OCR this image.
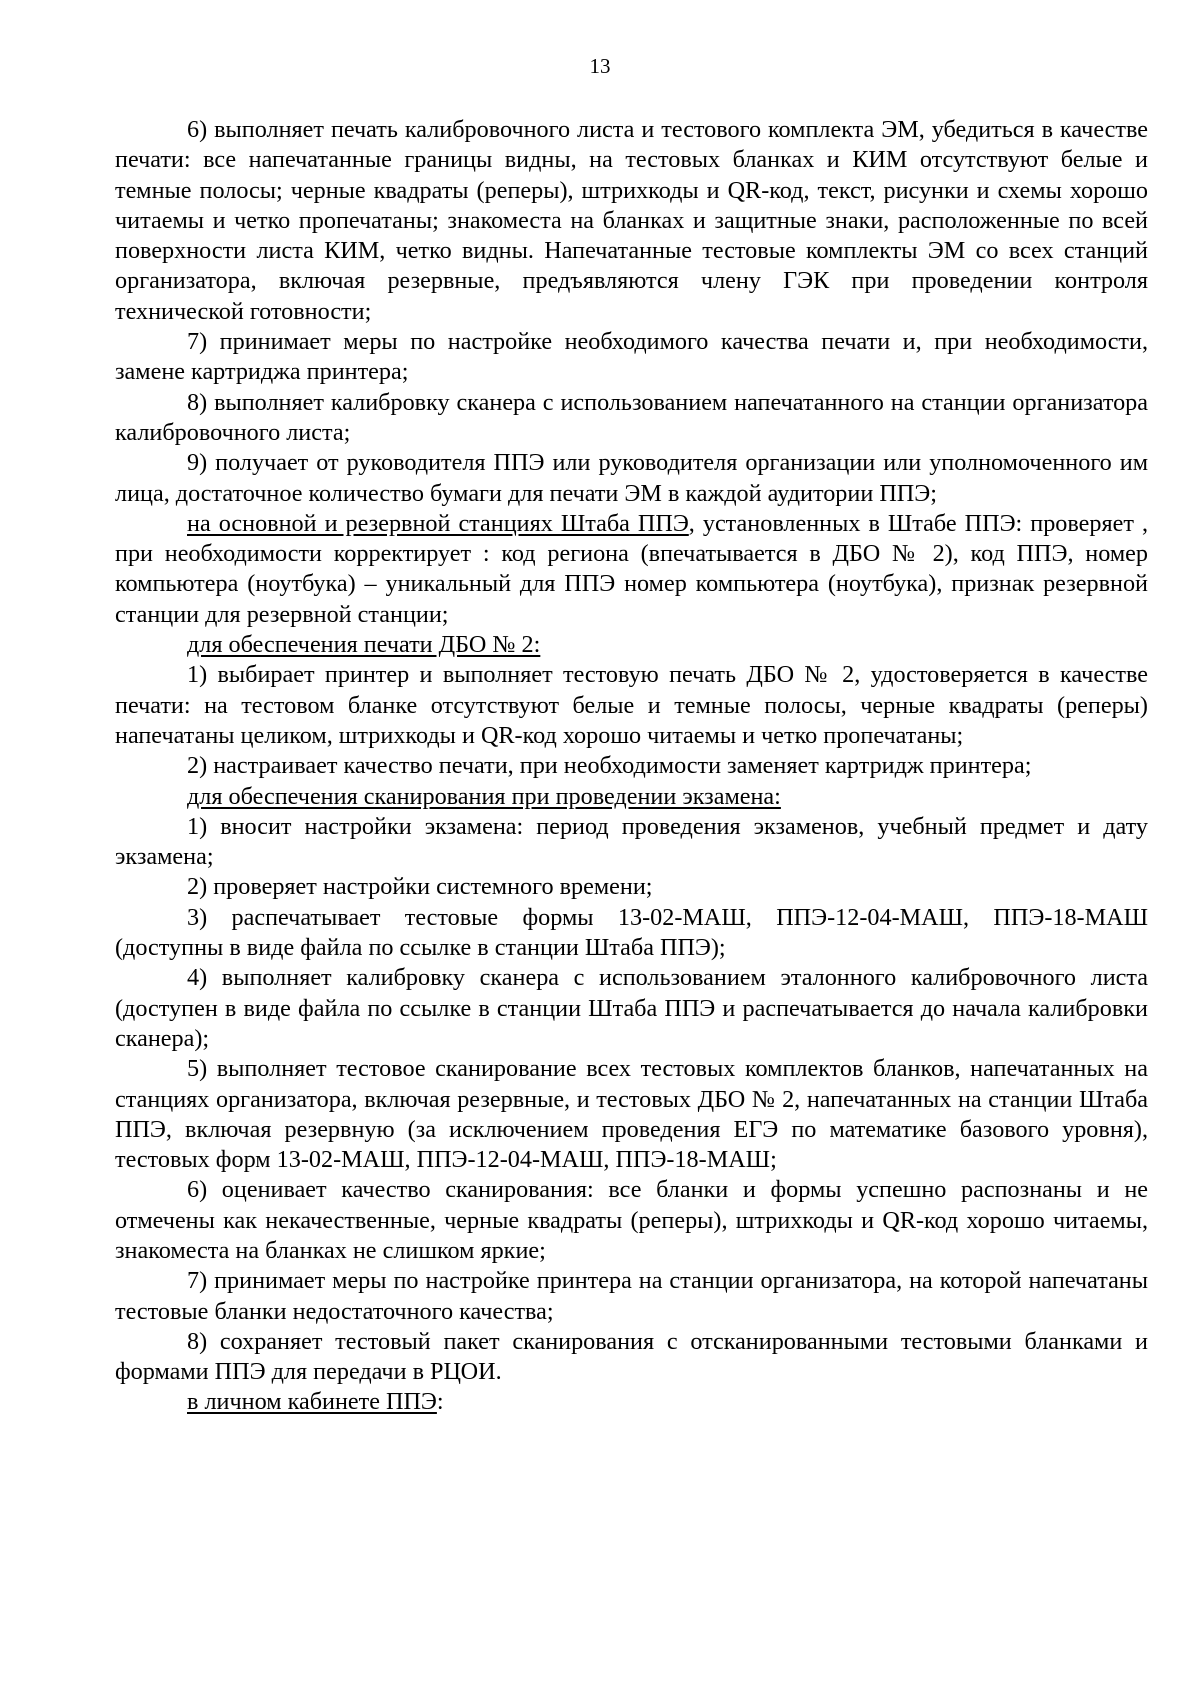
13

6) выполняет печать калибровочного листа и тестового комплекта ЭМ, убедиться в качестве печати: все напечатанные границы видны, на тестовых бланках и КИМ отсутствуют белые и темные полосы; черные квадраты (реперы), штрихкоды и QR-код, текст, рисунки и схемы хорошо читаемы и четко пропечатаны; знакоместа на бланках и защитные знаки, расположенные по всей поверхности листа КИМ, четко видны. Напечатанные тестовые комплекты ЭМ со всех станций организатора, включая резервные, предъявляются члену ГЭК при проведении контроля технической готовности;

7) принимает меры по настройке необходимого качества печати и, при необходимости, замене картриджа принтера;

8) выполняет калибровку сканера с использованием напечатанного на станции организатора калибровочного листа;

9) получает от руководителя ППЭ или руководителя организации или уполномоченного им лица, достаточное количество бумаги для печати ЭМ в каждой аудитории ППЭ;

на основной и резервной станциях Штаба ППЭ, установленных в Штабе ППЭ: проверяет , при необходимости корректирует : код региона (впечатывается в ДБО № 2), код ППЭ, номер компьютера (ноутбука) – уникальный для ППЭ номер компьютера (ноутбука), признак резервной станции для резервной станции;

для обеспечения печати ДБО № 2:

1) выбирает принтер и выполняет тестовую печать ДБО № 2, удостоверяется в качестве печати: на тестовом бланке отсутствуют белые и темные полосы, черные квадраты (реперы) напечатаны целиком, штрихкоды и QR-код хорошо читаемы и четко пропечатаны;

2) настраивает качество печати, при необходимости заменяет картридж принтера;

для обеспечения сканирования при проведении экзамена:

1) вносит настройки экзамена: период проведения экзаменов, учебный предмет и дату экзамена;

2) проверяет настройки системного времени;

3) распечатывает тестовые формы 13-02-МАШ, ППЭ-12-04-МАШ, ППЭ-18-МАШ (доступны в виде файла по ссылке в станции Штаба ППЭ);

4) выполняет калибровку сканера с использованием эталонного калибровочного листа (доступен в виде файла по ссылке в станции Штаба ППЭ и распечатывается до начала калибровки сканера);

5) выполняет тестовое сканирование всех тестовых комплектов бланков, напечатанных на станциях организатора, включая резервные, и тестовых ДБО № 2, напечатанных на станции Штаба ППЭ, включая резервную (за исключением проведения ЕГЭ по математике базового уровня), тестовых форм 13-02-МАШ, ППЭ-12-04-МАШ, ППЭ-18-МАШ;

6) оценивает качество сканирования: все бланки и формы успешно распознаны и не отмечены как некачественные, черные квадраты (реперы), штрихкоды и QR-код хорошо читаемы, знакоместа на бланках не слишком яркие;

7) принимает меры по настройке принтера на станции организатора, на которой напечатаны тестовые бланки недостаточного качества;

8) сохраняет тестовый пакет сканирования с отсканированными тестовыми бланками и формами ППЭ для передачи в РЦОИ.

в личном кабинете ППЭ:
